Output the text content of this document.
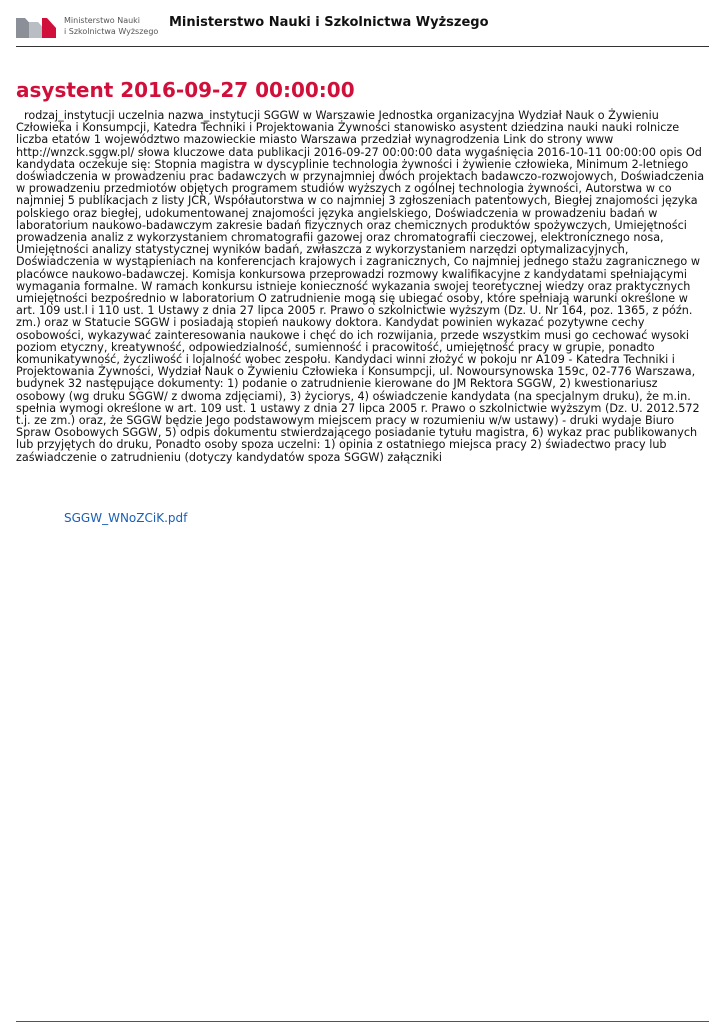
Ministerstwo Nauki
i Szkolnictwa Wyższego
Ministerstwo Nauki i Szkolnictwa Wyższego
asystent 2016-09-27 00:00:00

rodzaj_instytucji uczelnia nazwa_instytucji SGGW w Warszawie Jednostka organizacyjna Wydział Nauk o Żywieniu Człowieka i Konsumpcji, Katedra Techniki i Projektowania Żywności stanowisko asystent dziedzina nauki nauki rolnicze liczba etatów 1 województwo mazowieckie miasto Warszawa przedział wynagrodzenia Link do strony www http://wnzck.sggw.pl/ słowa kluczowe data publikacji 2016-09-27 00:00:00 data wygaśnięcia 2016-10-11 00:00:00 opis Od kandydata oczekuje się: Stopnia magistra w dyscyplinie technologia żywności i żywienie człowieka, Minimum 2-letniego doświadczenia w prowadzeniu prac badawczych w przynajmniej dwóch projektach badawczo-rozwojowych, Doświadczenia w prowadzeniu przedmiotów objętych programem studiów wyższych z ogólnej technologia żywności, Autorstwa w co najmniej 5 publikacjach z listy JCR, Współautorstwa w co najmniej 3 zgłoszeniach patentowych, Biegłej znajomości języka polskiego oraz biegłej, udokumentowanej znajomości języka angielskiego, Doświadczenia w prowadzeniu badań w laboratorium naukowo-badawczym zakresie badań fizycznych oraz chemicznych produktów spożywczych, Umiejętności prowadzenia analiz z wykorzystaniem chromatografii gazowej oraz chromatografii cieczowej, elektronicznego nosa, Umiejętności analizy statystycznej wyników badań, zwłaszcza z wykorzystaniem narzędzi optymalizacyjnych, Doświadczenia w wystąpieniach na konferencjach krajowych i zagranicznych, Co najmniej jednego stażu zagranicznego w placówce naukowo-badawczej. Komisja konkursowa przeprowadzi rozmowy kwalifikacyjne z kandydatami spełniającymi wymagania formalne. W ramach konkursu istnieje konieczność wykazania swojej teoretycznej wiedzy oraz praktycznych umiejętności bezpośrednio w laboratorium O zatrudnienie mogą się ubiegać osoby, które spełniają warunki określone w art. 109 ust.l i 110 ust. 1 Ustawy z dnia 27 lipca 2005 r. Prawo o szkolnictwie wyższym (Dz. U. Nr 164, poz. 1365, z późn. zm.) oraz w Statucie SGGW i posiadają stopień naukowy doktora. Kandydat powinien wykazać pozytywne cechy osobowości, wykazywać zainteresowania naukowe i chęć do ich rozwijania, przede wszystkim musi go cechować wysoki poziom etyczny, kreatywność, odpowiedzialność, sumienność i pracowitość, umiejętność pracy w grupie, ponadto komunikatywność, życzliwość i lojalność wobec zespołu. Kandydaci winni złożyć w pokoju nr A109 - Katedra Techniki i Projektowania Żywności, Wydział Nauk o Żywieniu Człowieka i Konsumpcji, ul. Nowoursynowska 159c, 02-776 Warszawa, budynek 32 następujące dokumenty: 1) podanie o zatrudnienie kierowane do JM Rektora SGGW, 2) kwestionariusz osobowy (wg druku SGGW/ z dwoma zdjęciami), 3) życiorys, 4) oświadczenie kandydata (na specjalnym druku), że m.in. spełnia wymogi określone w art. 109 ust. 1 ustawy z dnia 27 lipca 2005 r. Prawo o szkolnictwie wyższym (Dz. U. 2012.572 t.j. ze zm.) oraz, że SGGW będzie Jego podstawowym miejscem pracy w rozumieniu w/w ustawy) - druki wydaje Biuro Spraw Osobowych SGGW, 5) odpis dokumentu stwierdzającego posiadanie tytułu magistra, 6) wykaz prac publikowanych lub przyjętych do druku, Ponadto osoby spoza uczelni: 1) opinia z ostatniego miejsca pracy 2) świadectwo pracy lub zaświadczenie o zatrudnieniu (dotyczy kandydatów spoza SGGW) załączniki

SGGW_WNoZCiK.pdf
